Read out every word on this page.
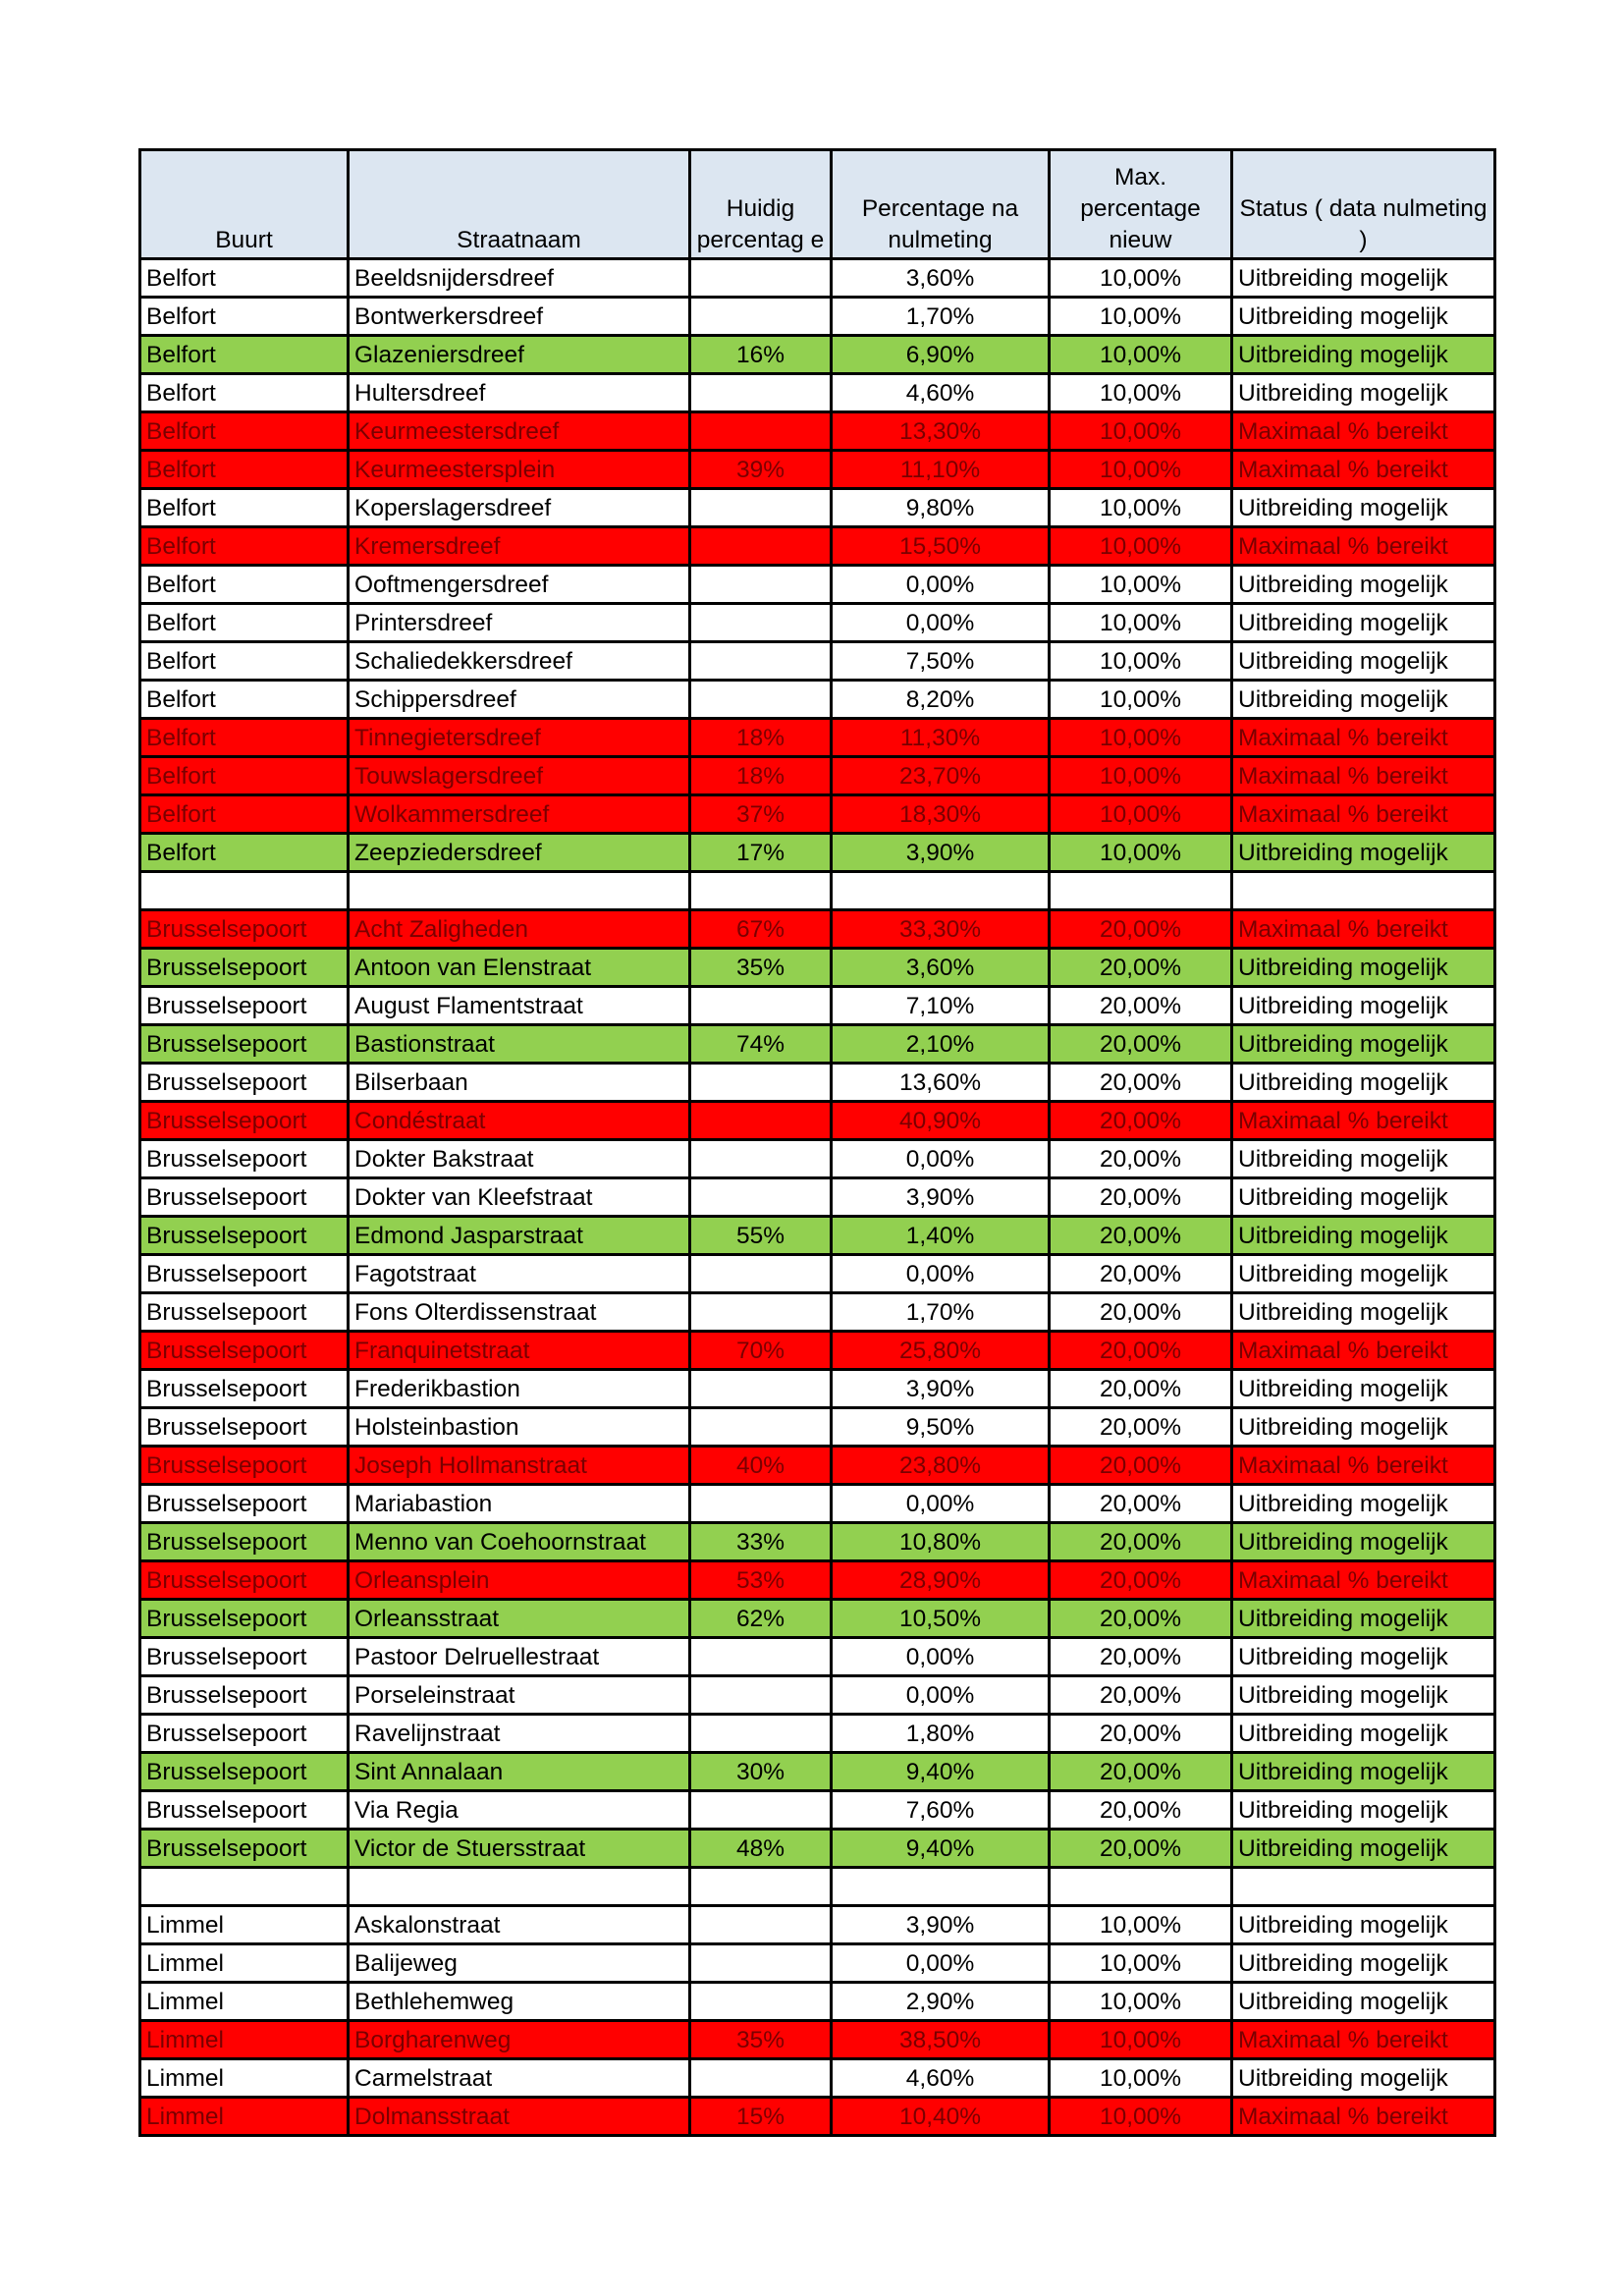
Buurt	Straatnaam	Huidig percentag e	Percentage na nulmeting	Max. percentage nieuw	Status ( data nulmeting )
Belfort	Beeldsnijdersdreef		3,60%	10,00%	Uitbreiding mogelijk
Belfort	Bontwerkersdreef		1,70%	10,00%	Uitbreiding mogelijk
Belfort	Glazeniersdreef	16%	6,90%	10,00%	Uitbreiding mogelijk
Belfort	Hultersdreef		4,60%	10,00%	Uitbreiding mogelijk
Belfort	Keurmeestersdreef		13,30%	10,00%	Maximaal % bereikt
Belfort	Keurmeestersplein	39%	11,10%	10,00%	Maximaal % bereikt
Belfort	Koperslagersdreef		9,80%	10,00%	Uitbreiding mogelijk
Belfort	Kremersdreef		15,50%	10,00%	Maximaal % bereikt
Belfort	Ooftmengersdreef		0,00%	10,00%	Uitbreiding mogelijk
Belfort	Printersdreef		0,00%	10,00%	Uitbreiding mogelijk
Belfort	Schaliedekkersdreef		7,50%	10,00%	Uitbreiding mogelijk
Belfort	Schippersdreef		8,20%	10,00%	Uitbreiding mogelijk
Belfort	Tinnegietersdreef	18%	11,30%	10,00%	Maximaal % bereikt
Belfort	Touwslagersdreef	18%	23,70%	10,00%	Maximaal % bereikt
Belfort	Wolkammersdreef	37%	18,30%	10,00%	Maximaal % bereikt
Belfort	Zeepziedersdreef	17%	3,90%	10,00%	Uitbreiding mogelijk

Brusselsepoort	Acht Zaligheden	67%	33,30%	20,00%	Maximaal % bereikt
Brusselsepoort	Antoon van Elenstraat	35%	3,60%	20,00%	Uitbreiding mogelijk
Brusselsepoort	August Flamentstraat		7,10%	20,00%	Uitbreiding mogelijk
Brusselsepoort	Bastionstraat	74%	2,10%	20,00%	Uitbreiding mogelijk
Brusselsepoort	Bilserbaan		13,60%	20,00%	Uitbreiding mogelijk
Brusselsepoort	Condéstraat		40,90%	20,00%	Maximaal % bereikt
Brusselsepoort	Dokter Bakstraat		0,00%	20,00%	Uitbreiding mogelijk
Brusselsepoort	Dokter van Kleefstraat		3,90%	20,00%	Uitbreiding mogelijk
Brusselsepoort	Edmond Jasparstraat	55%	1,40%	20,00%	Uitbreiding mogelijk
Brusselsepoort	Fagotstraat		0,00%	20,00%	Uitbreiding mogelijk
Brusselsepoort	Fons Olterdissenstraat		1,70%	20,00%	Uitbreiding mogelijk
Brusselsepoort	Franquinetstraat	70%	25,80%	20,00%	Maximaal % bereikt
Brusselsepoort	Frederikbastion		3,90%	20,00%	Uitbreiding mogelijk
Brusselsepoort	Holsteinbastion		9,50%	20,00%	Uitbreiding mogelijk
Brusselsepoort	Joseph Hollmanstraat	40%	23,80%	20,00%	Maximaal % bereikt
Brusselsepoort	Mariabastion		0,00%	20,00%	Uitbreiding mogelijk
Brusselsepoort	Menno van Coehoornstraat	33%	10,80%	20,00%	Uitbreiding mogelijk
Brusselsepoort	Orleansplein	53%	28,90%	20,00%	Maximaal % bereikt
Brusselsepoort	Orleansstraat	62%	10,50%	20,00%	Uitbreiding mogelijk
Brusselsepoort	Pastoor Delruellestraat		0,00%	20,00%	Uitbreiding mogelijk
Brusselsepoort	Porseleinstraat		0,00%	20,00%	Uitbreiding mogelijk
Brusselsepoort	Ravelijnstraat		1,80%	20,00%	Uitbreiding mogelijk
Brusselsepoort	Sint Annalaan	30%	9,40%	20,00%	Uitbreiding mogelijk
Brusselsepoort	Via Regia		7,60%	20,00%	Uitbreiding mogelijk
Brusselsepoort	Victor de Stuersstraat	48%	9,40%	20,00%	Uitbreiding mogelijk

Limmel	Askalonstraat		3,90%	10,00%	Uitbreiding mogelijk
Limmel	Balijeweg		0,00%	10,00%	Uitbreiding mogelijk
Limmel	Bethlehemweg		2,90%	10,00%	Uitbreiding mogelijk
Limmel	Borgharenweg	35%	38,50%	10,00%	Maximaal % bereikt
Limmel	Carmelstraat		4,60%	10,00%	Uitbreiding mogelijk
Limmel	Dolmansstraat	15%	10,40%	10,00%	Maximaal % bereikt
